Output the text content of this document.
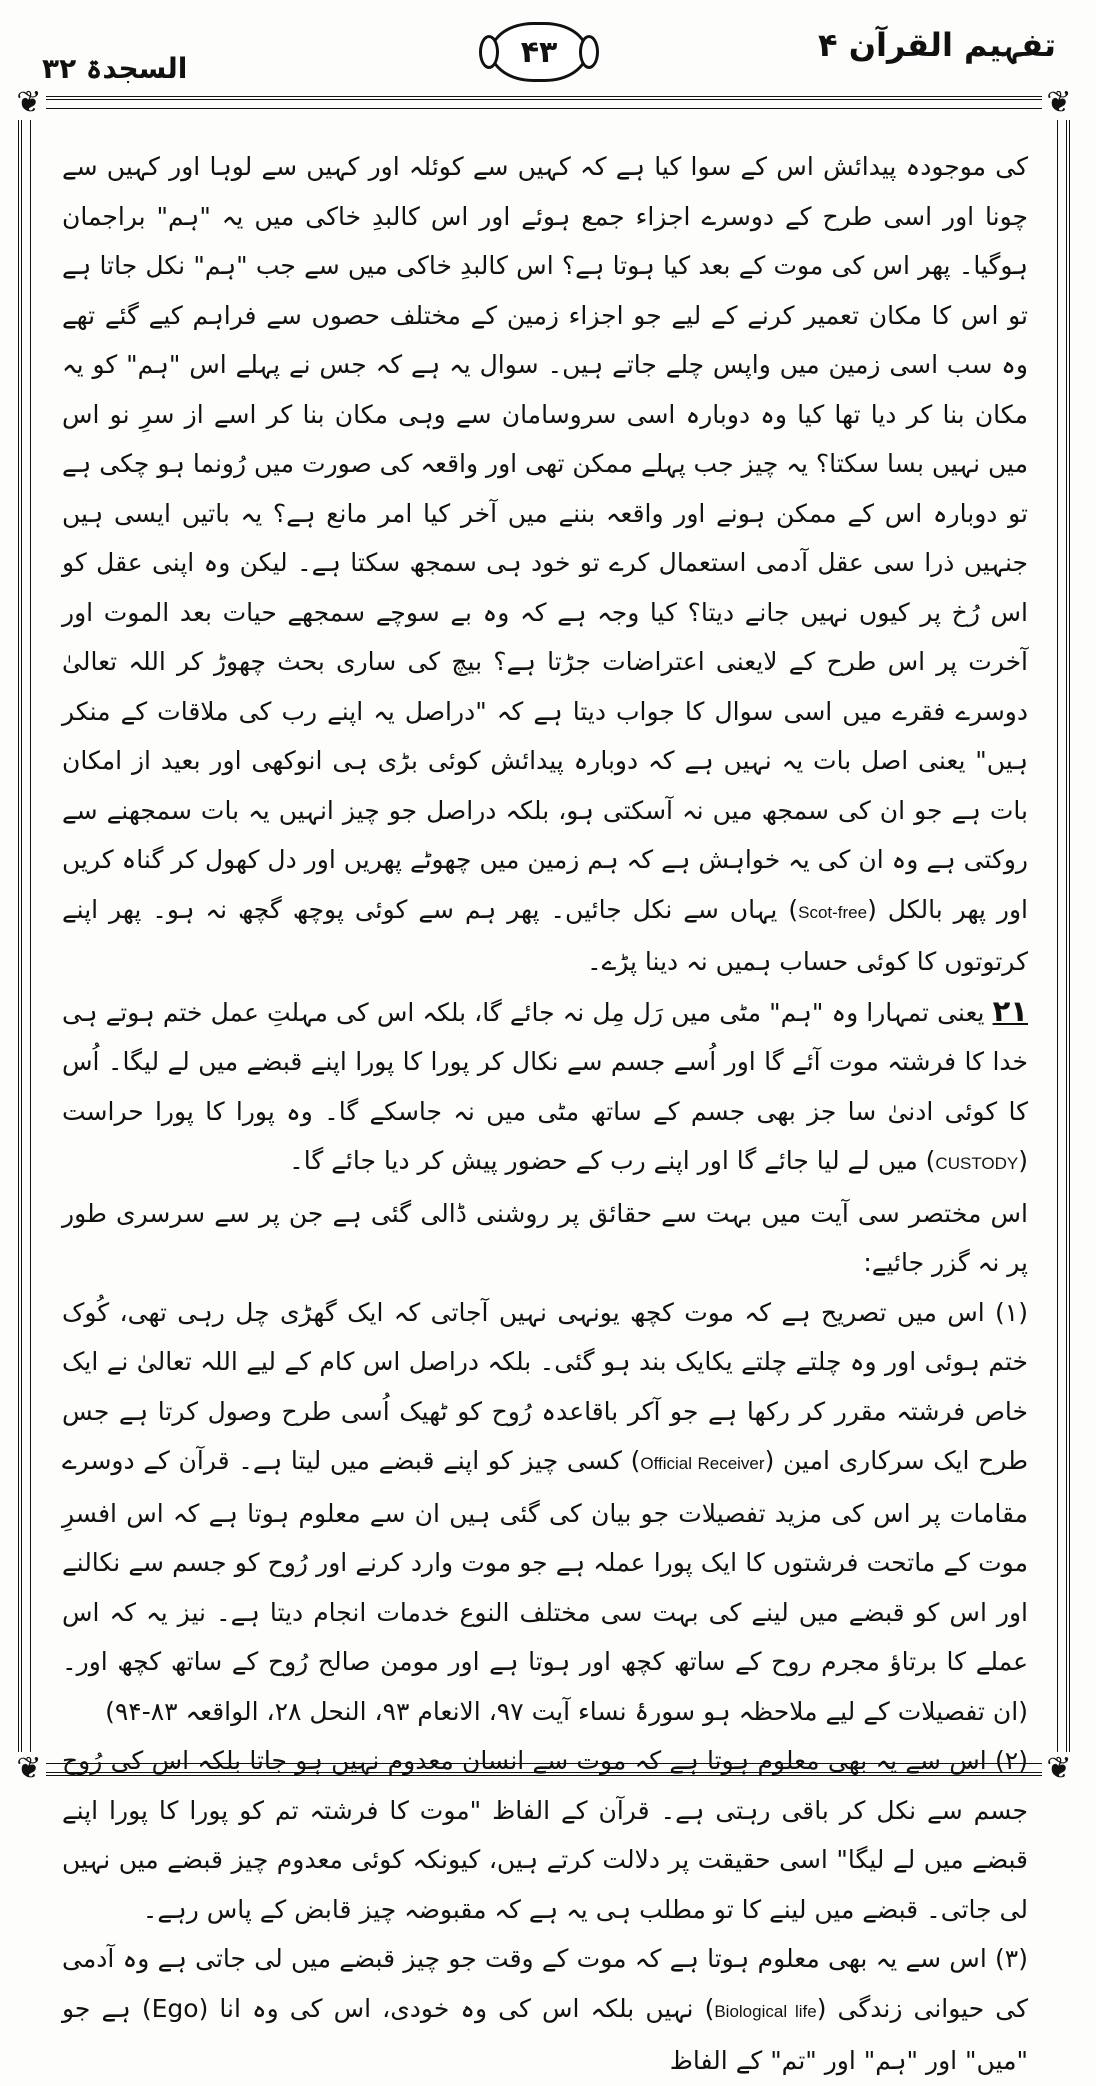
تفہیم القرآن ۴
۴۳
السجدۃ ۳۲
❦	❦
❦	❦

کی موجودہ پیدائش اس کے سوا کیا ہے کہ کہیں سے کوئلہ اور کہیں سے لوہا اور کہیں سے چونا اور اسی طرح کے دوسرے اجزاء جمع ہوئے اور اس کالبدِ خاکی میں یہ "ہم" براجمان ہوگیا۔ پھر اس کی موت کے بعد کیا ہوتا ہے؟ اس کالبدِ خاکی میں سے جب "ہم" نکل جاتا ہے تو اس کا مکان تعمیر کرنے کے لیے جو اجزاء زمین کے مختلف حصوں سے فراہم کیے گئے تھے وہ سب اسی زمین میں واپس چلے جاتے ہیں۔ سوال یہ ہے کہ جس نے پہلے اس "ہم" کو یہ مکان بنا کر دیا تھا کیا وہ دوبارہ اسی سروسامان سے وہی مکان بنا کر اسے از سرِ نو اس میں نہیں بسا سکتا؟ یہ چیز جب پہلے ممکن تھی اور واقعہ کی صورت میں رُونما ہو چکی ہے تو دوبارہ اس کے ممکن ہونے اور واقعہ بننے میں آخر کیا امر مانع ہے؟ یہ باتیں ایسی ہیں جنہیں ذرا سی عقل آدمی استعمال کرے تو خود ہی سمجھ سکتا ہے۔ لیکن وہ اپنی عقل کو اس رُخ پر کیوں نہیں جانے دیتا؟ کیا وجہ ہے کہ وہ بے سوچے سمجھے حیات بعد الموت اور آخرت پر اس طرح کے لایعنی اعتراضات جڑتا ہے؟ بیچ کی ساری بحث چھوڑ کر اللہ تعالیٰ دوسرے فقرے میں اسی سوال کا جواب دیتا ہے کہ "دراصل یہ اپنے رب کی ملاقات کے منکر ہیں" یعنی اصل بات یہ نہیں ہے کہ دوبارہ پیدائش کوئی بڑی ہی انوکھی اور بعید از امکان بات ہے جو ان کی سمجھ میں نہ آسکتی ہو، بلکہ دراصل جو چیز انہیں یہ بات سمجھنے سے روکتی ہے وہ ان کی یہ خواہش ہے کہ ہم زمین میں چھوٹے پھریں اور دل کھول کر گناہ کریں اور پھر بالکل (Scot-free) یہاں سے نکل جائیں۔ پھر ہم سے کوئی پوچھ گچھ نہ ہو۔ پھر اپنے کرتوتوں کا کوئی حساب ہمیں نہ دینا پڑے۔

۲۱ یعنی تمہارا وہ "ہم" مٹی میں رَل مِل نہ جائے گا، بلکہ اس کی مہلتِ عمل ختم ہوتے ہی خدا کا فرشتہ موت آئے گا اور اُسے جسم سے نکال کر پورا کا پورا اپنے قبضے میں لے لیگا۔ اُس کا کوئی ادنیٰ سا جز بھی جسم کے ساتھ مٹی میں نہ جاسکے گا۔ وہ پورا کا پورا حراست (CUSTODY) میں لے لیا جائے گا اور اپنے رب کے حضور پیش کر دیا جائے گا۔

اس مختصر سی آیت میں بہت سے حقائق پر روشنی ڈالی گئی ہے جن پر سے سرسری طور پر نہ گزر جائیے:

(۱) اس میں تصریح ہے کہ موت کچھ یونہی نہیں آجاتی کہ ایک گھڑی چل رہی تھی، کُوک ختم ہوئی اور وہ چلتے چلتے یکایک بند ہو گئی۔ بلکہ دراصل اس کام کے لیے اللہ تعالیٰ نے ایک خاص فرشتہ مقرر کر رکھا ہے جو آکر باقاعدہ رُوح کو ٹھیک اُسی طرح وصول کرتا ہے جس طرح ایک سرکاری امین (Official Receiver) کسی چیز کو اپنے قبضے میں لیتا ہے۔ قرآن کے دوسرے مقامات پر اس کی مزید تفصیلات جو بیان کی گئی ہیں ان سے معلوم ہوتا ہے کہ اس افسرِ موت کے ماتحت فرشتوں کا ایک پورا عملہ ہے جو موت وارد کرنے اور رُوح کو جسم سے نکالنے اور اس کو قبضے میں لینے کی بہت سی مختلف النوع خدمات انجام دیتا ہے۔ نیز یہ کہ اس عملے کا برتاؤ مجرم روح کے ساتھ کچھ اور ہوتا ہے اور مومن صالح رُوح کے ساتھ کچھ اور۔ (ان تفصیلات کے لیے ملاحظہ ہو سورۂ نساء آیت ۹۷، الانعام ۹۳، النحل ۲۸، الواقعہ ۸۳-۹۴)

(۲) اس سے یہ بھی معلوم ہوتا ہے کہ موت سے انسان معدوم نہیں ہو جاتا بلکہ اس کی رُوح جسم سے نکل کر باقی رہتی ہے۔ قرآن کے الفاظ "موت کا فرشتہ تم کو پورا کا پورا اپنے قبضے میں لے لیگا" اسی حقیقت پر دلالت کرتے ہیں، کیونکہ کوئی معدوم چیز قبضے میں نہیں لی جاتی۔ قبضے میں لینے کا تو مطلب ہی یہ ہے کہ مقبوضہ چیز قابض کے پاس رہے۔

(۳) اس سے یہ بھی معلوم ہوتا ہے کہ موت کے وقت جو چیز قبضے میں لی جاتی ہے وہ آدمی کی حیوانی زندگی (Biological life) نہیں بلکہ اس کی وہ خودی، اس کی وہ انا (Ego) ہے جو "میں" اور "ہم" اور "تم" کے الفاظ
